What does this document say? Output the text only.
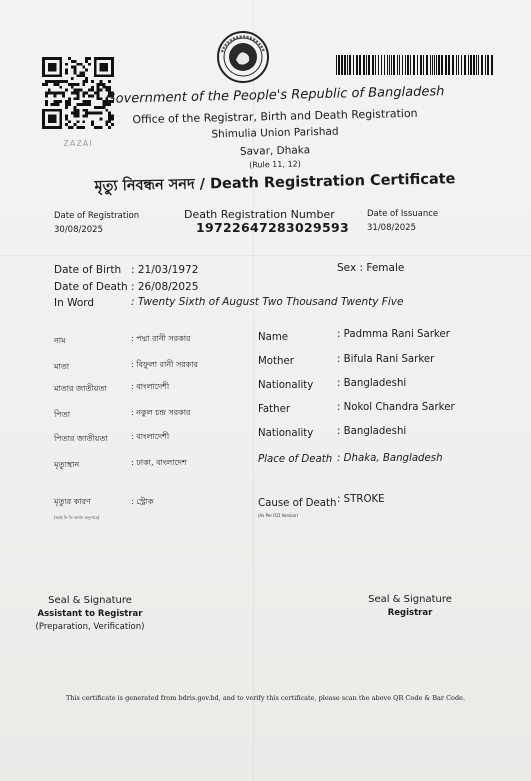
ZAZAI
Government of the People's Republic of Bangladesh
Office of the Registrar, Birth and Death Registration
Shimulia Union Parishad
Savar, Dhaka
(Rule 11, 12)
মৃত্যু নিবন্ধন সনদ / Death Registration Certificate
Date of Registration
30/08/2025
Death Registration Number
19722647283029593
Date of Issuance
31/08/2025
Date of Birth : 21/03/1972	Sex : Female
Date of Death : 26/08/2025
In Word	: Twenty Sixth of August Two Thousand Twenty Five
নাম	: পদ্মা রানী সরকার
মাতা	: বিফুলা রানী সরকার
মাতার জাতীয়তা	: বাংলাদেশী
পিতা	: নকুল চন্দ্র সরকার
পিতার জাতীয়তা	: বাংলাদেশী
মৃত্যুস্থান	: ঢাকা, বাংলাদেশ
মৃত্যুর কারণ
(আই সি ডি ভার্সন অনুসারে)
: স্ট্রোক
Name	: Padmma Rani Sarker
Mother	: Bifula Rani Sarker
Nationality : Bangladeshi
Father	: Nokol Chandra Sarker
Nationality : Bangladeshi
Place of Death : Dhaka, Bangladesh
Cause of Death
(As Per ICD Version)
: STROKE
Seal & Signature
Assistant to Registrar
(Preparation, Verification)
Seal & Signature
Registrar
This certificate is generated from bdris.gov.bd, and to verify this certificate, please scan the above QR Code & Bar Code.
